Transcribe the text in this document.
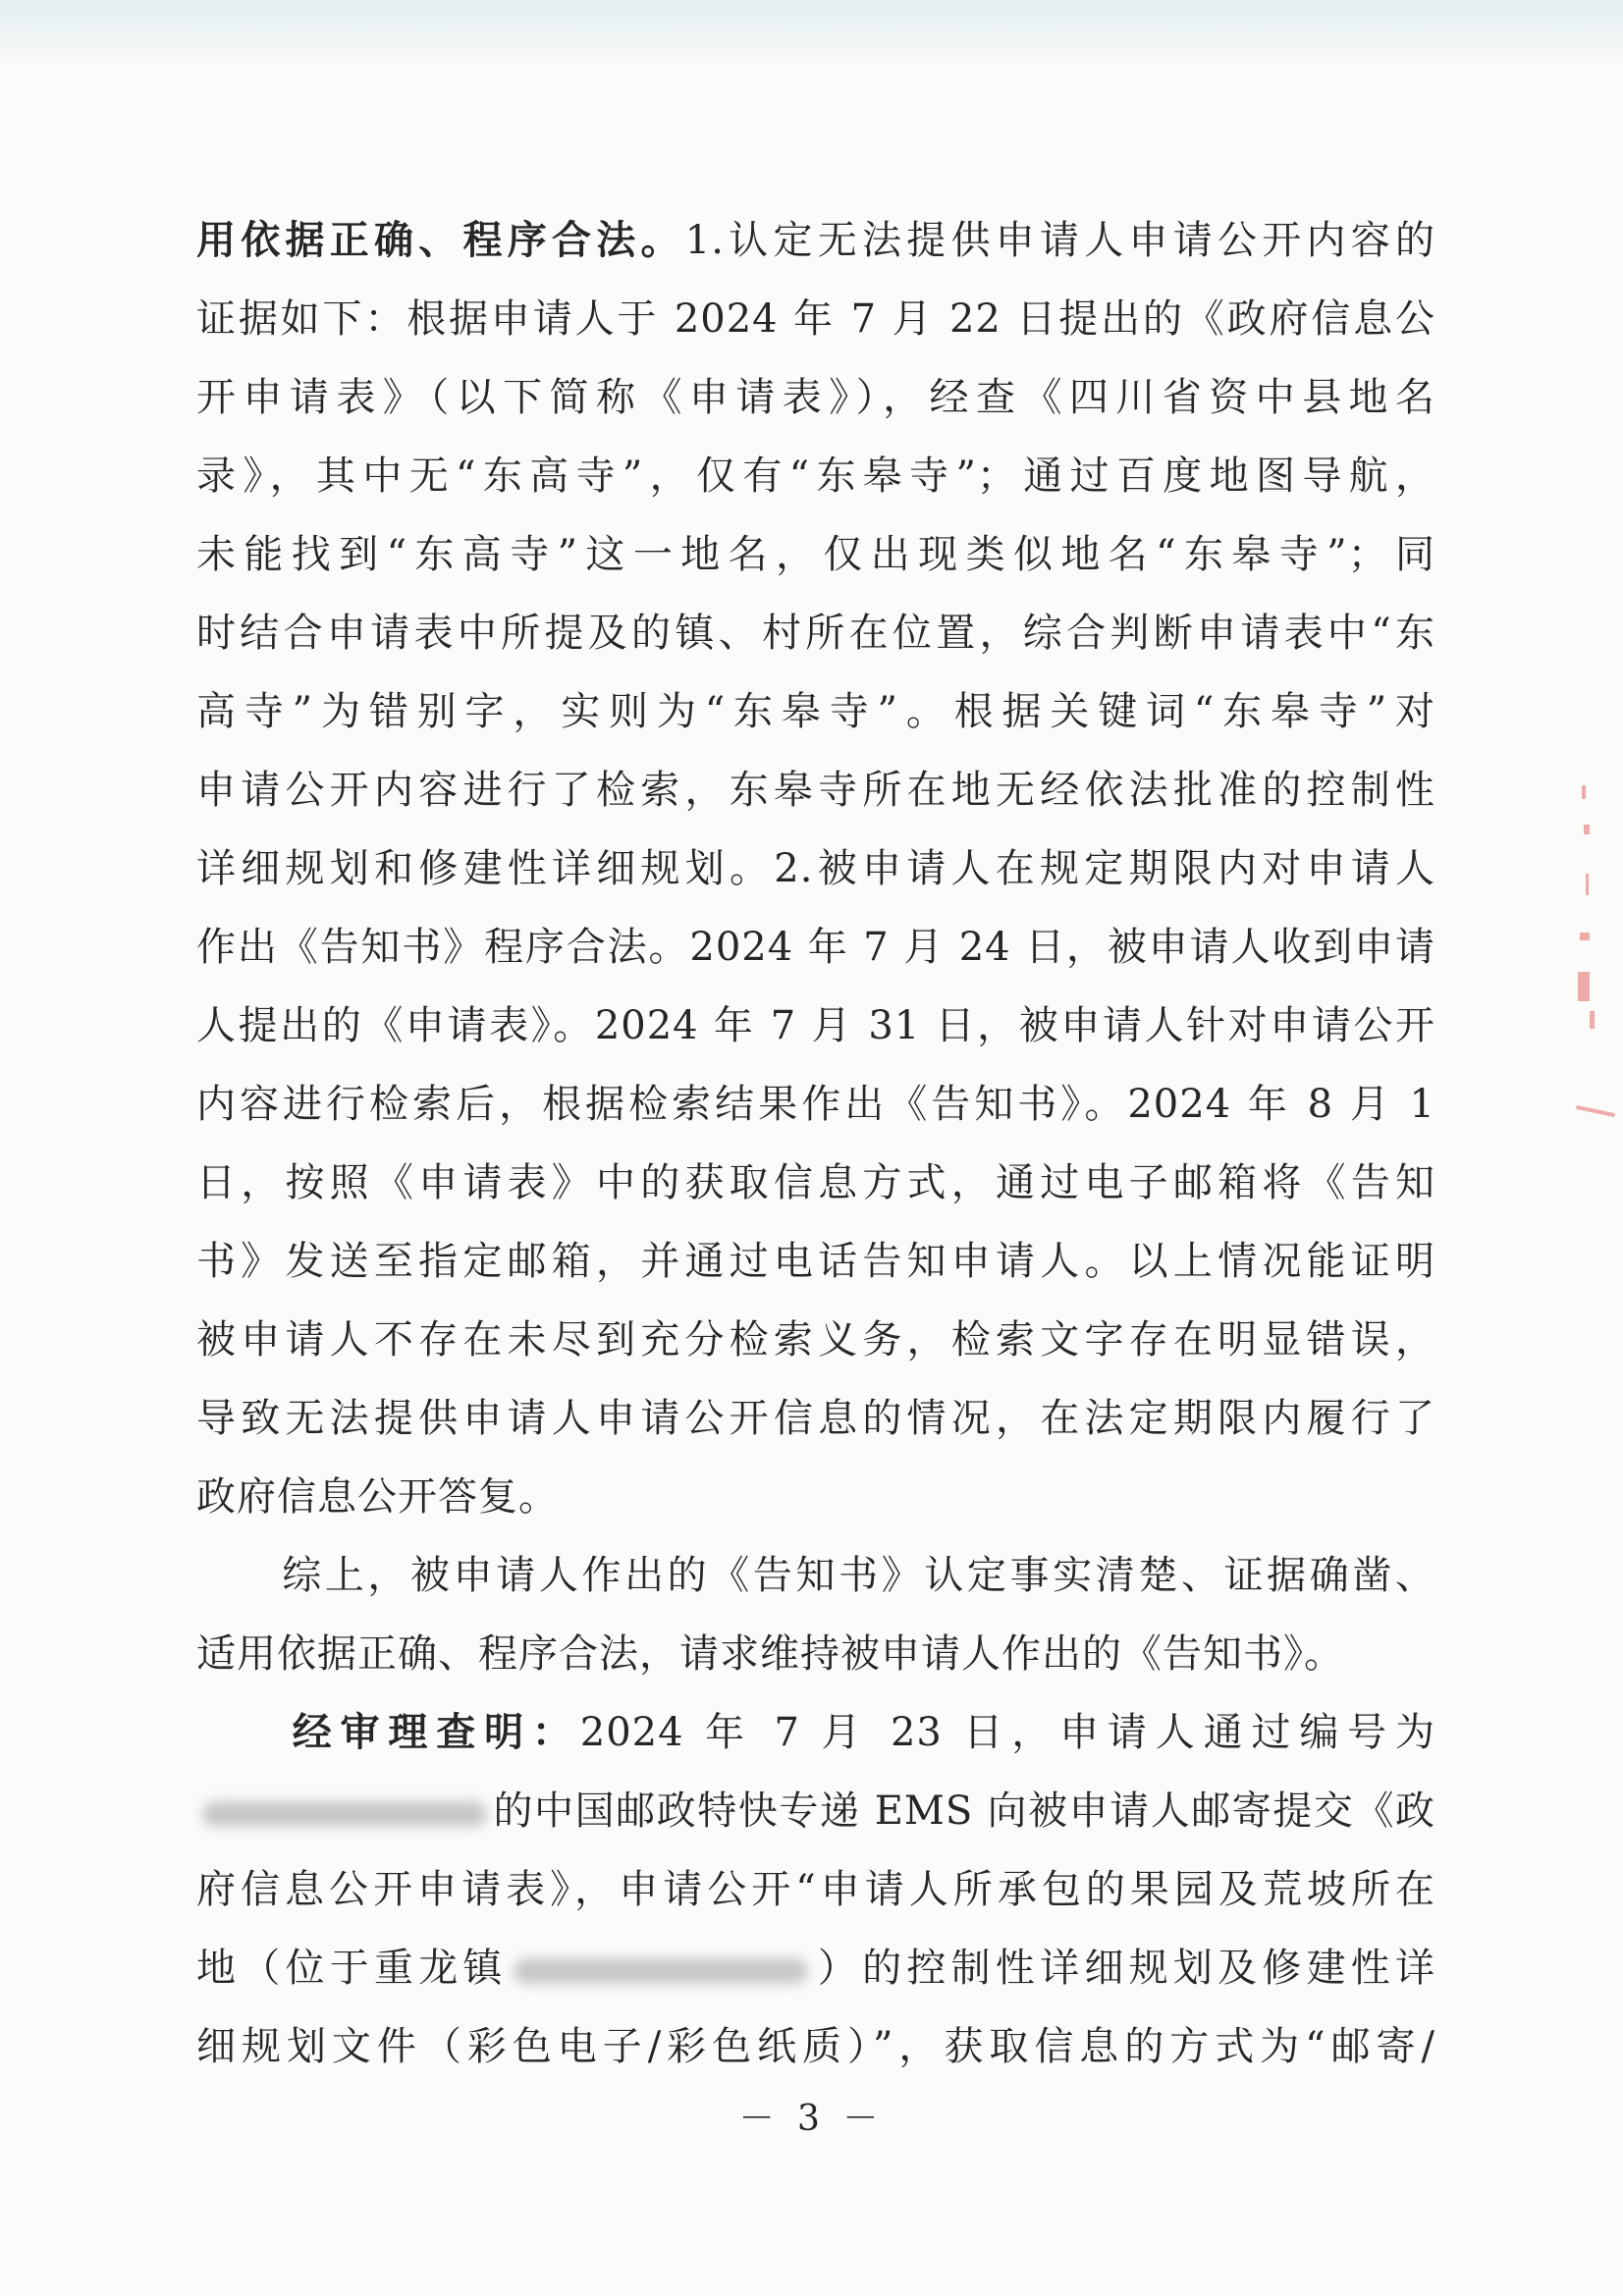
用依据正确、程序合法。1.认定无法提供申请人申请公开内容的
证据如下：根据申请人于 2024 年 7 月 22 日提出的《政府信息公
开申请表》（以下简称《申请表》），经查《四川省资中县地名
录》，其中无“东高寺”，仅有“东皋寺”；通过百度地图导航，
未能找到“东高寺”这一地名，仅出现类似地名“东皋寺”；同
时结合申请表中所提及的镇、村所在位置，综合判断申请表中“东
高寺”为错别字，实则为“东皋寺”。根据关键词“东皋寺”对
申请公开内容进行了检索，东皋寺所在地无经依法批准的控制性
详细规划和修建性详细规划。2.被申请人在规定期限内对申请人
作出《告知书》程序合法。2024 年 7 月 24 日，被申请人收到申请
人提出的《申请表》。2024 年 7 月 31 日，被申请人针对申请公开
内容进行检索后，根据检索结果作出《告知书》。2024 年 8 月 1
日，按照《申请表》中的获取信息方式，通过电子邮箱将《告知
书》发送至指定邮箱，并通过电话告知申请人。以上情况能证明
被申请人不存在未尽到充分检索义务，检索文字存在明显错误，
导致无法提供申请人申请公开信息的情况，在法定期限内履行了
政府信息公开答复。
　　综上，被申请人作出的《告知书》认定事实清楚、证据确凿、
适用依据正确、程序合法，请求维持被申请人作出的《告知书》。
　　经审理查明：2024 年 7 月 23 日，申请人通过编号为
的中国邮政特快专递 EMS 向被申请人邮寄提交《政
府信息公开申请表》，申请公开“申请人所承包的果园及荒坡所在
地（位于重龙镇	）的控制性详细规划及修建性详
细规划文件（彩色电子/彩色纸质）”，获取信息的方式为“邮寄/
－ 3 －
